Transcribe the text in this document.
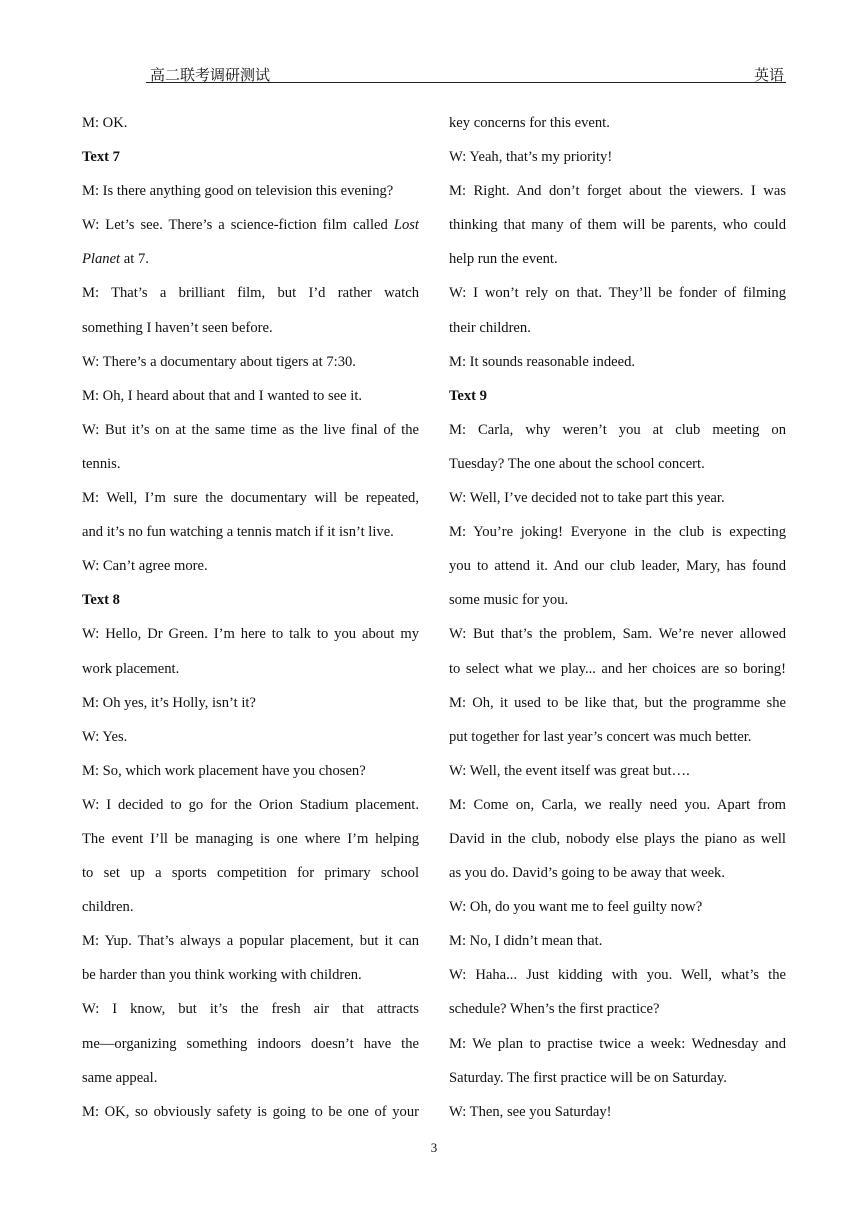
高二联考调研测试	英语
M: OK.
Text 7
M: Is there anything good on television this evening?
W: Let’s see. There’s a science-fiction film called Lost
Planet at 7.
M: That’s a brilliant film, but I’d rather watch
something I haven’t seen before.
W: There’s a documentary about tigers at 7:30.
M: Oh, I heard about that and I wanted to see it.
W: But it’s on at the same time as the live final of the
tennis.
M: Well, I’m sure the documentary will be repeated,
and it’s no fun watching a tennis match if it isn’t live.
W: Can’t agree more.
Text 8
W: Hello, Dr Green. I’m here to talk to you about my
work placement.
M: Oh yes, it’s Holly, isn’t it?
W: Yes.
M: So, which work placement have you chosen?
W: I decided to go for the Orion Stadium placement.
The event I’ll be managing is one where I’m helping
to set up a sports competition for primary school
children.
M: Yup. That’s always a popular placement, but it can
be harder than you think working with children.
W: I know, but it’s the fresh air that attracts
me—organizing something indoors doesn’t have the
same appeal.
M: OK, so obviously safety is going to be one of your
key concerns for this event.
W: Yeah, that’s my priority!
M: Right. And don’t forget about the viewers. I was
thinking that many of them will be parents, who could
help run the event.
W: I won’t rely on that. They’ll be fonder of filming
their children.
M: It sounds reasonable indeed.
Text 9
M: Carla, why weren’t you at club meeting on
Tuesday? The one about the school concert.
W: Well, I’ve decided not to take part this year.
M: You’re joking! Everyone in the club is expecting
you to attend it. And our club leader, Mary, has found
some music for you.
W: But that’s the problem, Sam. We’re never allowed
to select what we play... and her choices are so boring!
M: Oh, it used to be like that, but the programme she
put together for last year’s concert was much better.
W: Well, the event itself was great but….
M: Come on, Carla, we really need you. Apart from
David in the club, nobody else plays the piano as well
as you do. David’s going to be away that week.
W: Oh, do you want me to feel guilty now?
M: No, I didn’t mean that.
W: Haha... Just kidding with you. Well, what’s the
schedule? When’s the first practice?
M: We plan to practise twice a week: Wednesday and
Saturday. The first practice will be on Saturday.
W: Then, see you Saturday!
3
